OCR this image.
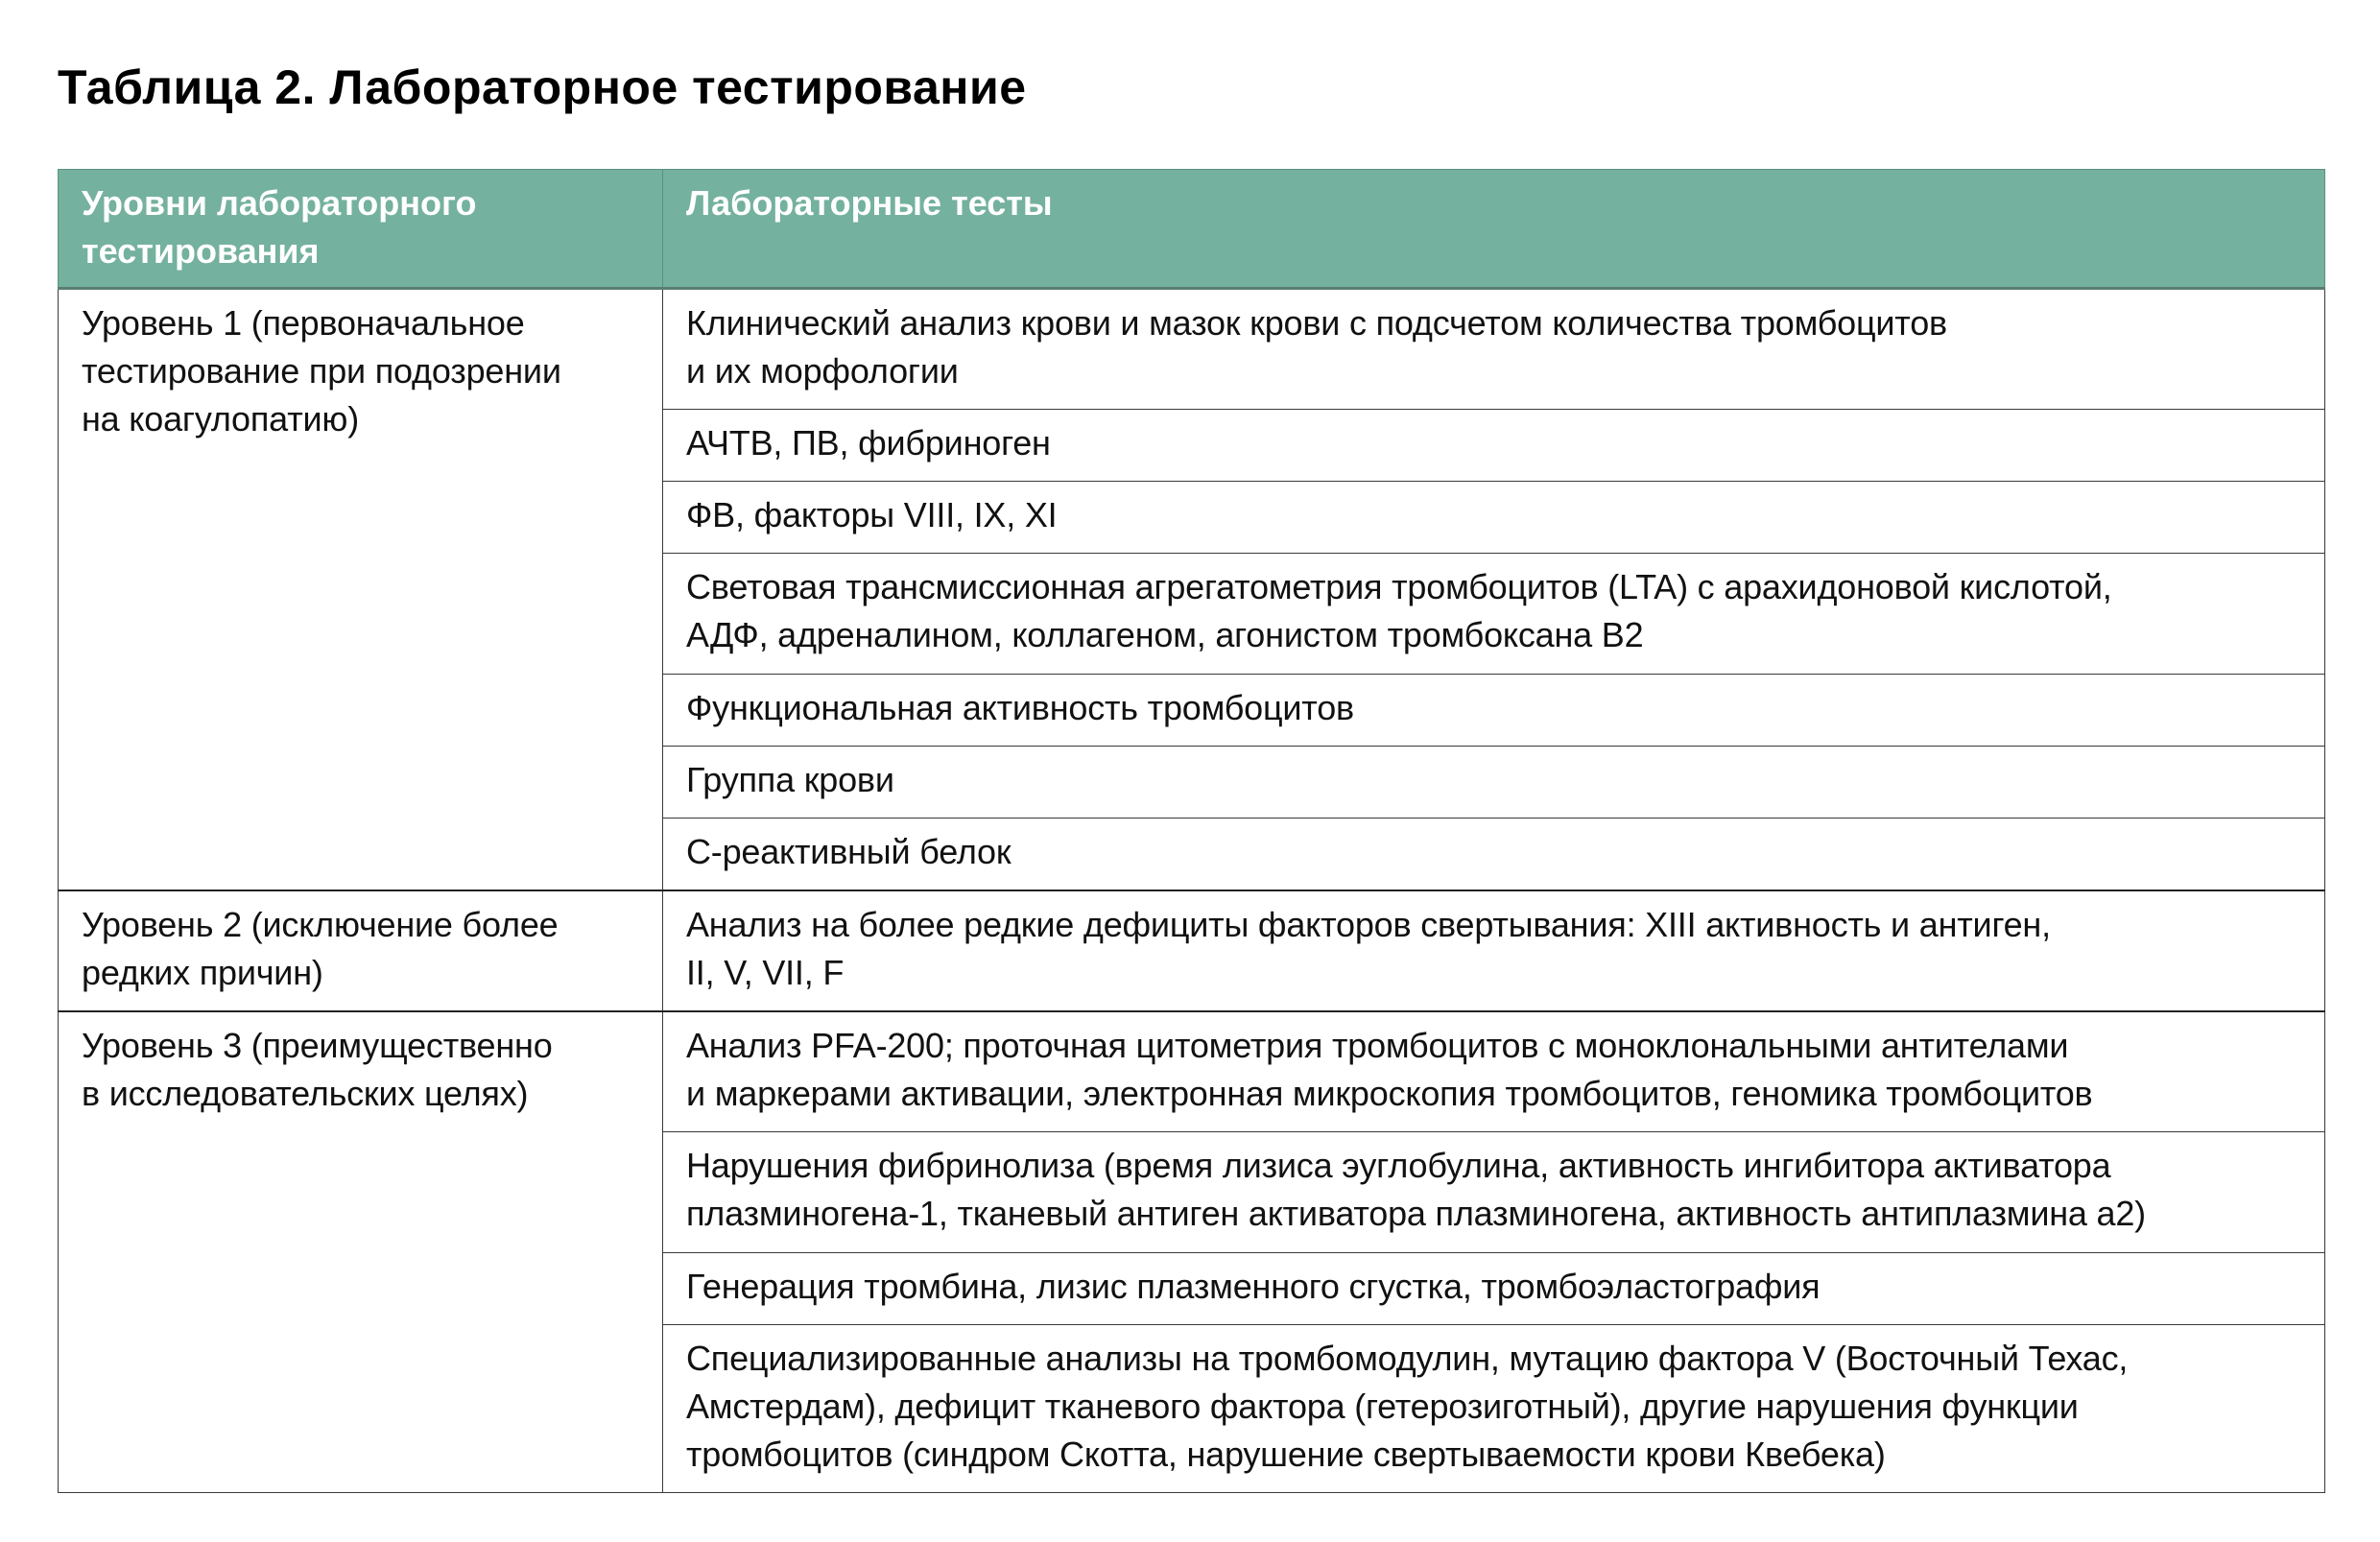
Таблица 2. Лабораторное тестирование
Уровни лабораторного
тестирования	Лабораторные тесты

Уровень 1 (первоначальное
тестирование при подозрении
на коагулопатию)	Клинический анализ крови и мазок крови с подсчетом количества тромбоцитов
и их морфологии

	АЧТВ, ПВ, фибриноген

	ФВ, факторы VIII, IX, XI

	Световая трансмиссионная агрегатометрия тромбоцитов (LTA) с арахидоновой кислотой,
АДФ, адреналином, коллагеном, агонистом тромбоксана B2

	Функциональная активность тромбоцитов

	Группа крови

	С-реактивный белок

Уровень 2 (исключение более
редких причин)	Анализ на более редкие дефициты факторов свертывания: XIII активность и антиген,
II, V, VII, F

Уровень 3 (преимущественно
в исследовательских целях)	Анализ PFA-200; проточная цитометрия тромбоцитов с моноклональными антителами
и маркерами активации, электронная микроскопия тромбоцитов, геномика тромбоцитов

	Нарушения фибринолиза (время лизиса эуглобулина, активность ингибитора активатора
плазминогена-1, тканевый антиген активатора плазминогена, активность антиплазмина a2)

	Генерация тромбина, лизис плазменного сгустка, тромбоэластография

	Специализированные анализы на тромбомодулин, мутацию фактора V (Восточный Техас,
Амстердам), дефицит тканевого фактора (гетерозиготный), другие нарушения функции
тромбоцитов (синдром Скотта, нарушение свертываемости крови Квебека)
